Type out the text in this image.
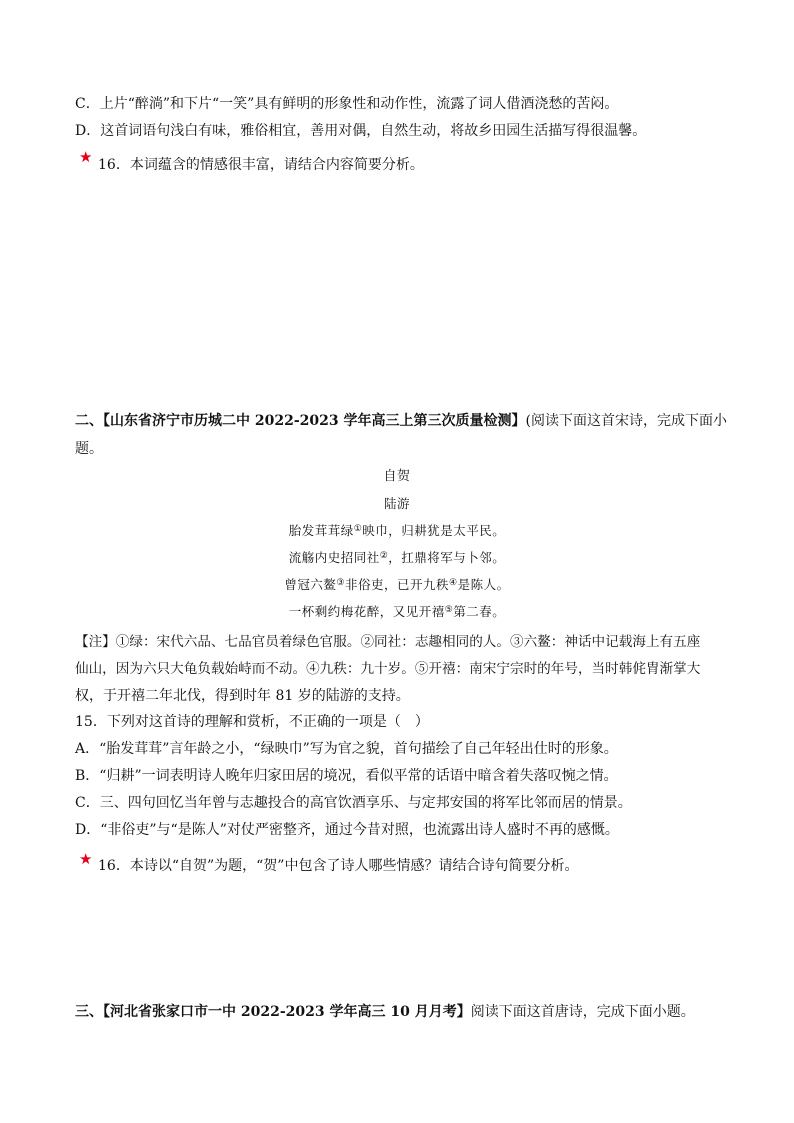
C．上片“醉淌”和下片“一笑”具有鲜明的形象性和动作性，流露了词人借酒浇愁的苦闷。
D．这首词语句浅白有味，雅俗相宜，善用对偶，自然生动，将故乡田园生活描写得很温馨。
★ 16．本词蕴含的情感很丰富，请结合内容简要分析。
二、【山东省济宁市历城二中 2022-2023 学年高三上第三次质量检测】(阅读下面这首宋诗，完成下面小
题。
自贺
陆游
胎发茸茸绿①映巾，归耕犹是太平民。
流觞内史招同社②，扛鼎将军与卜邻。
曾冠六鳌③非俗吏，已开九秩④是陈人。
一杯剩约梅花醉，又见开禧⑤第二春。
【注】①绿：宋代六品、七品官员着绿色官服。②同社：志趣相同的人。③六鳌：神话中记载海上有五座
仙山，因为六只大龟负载始峙而不动。④九秩：九十岁。⑤开禧：南宋宁宗时的年号，当时韩侂胄渐掌大
权，于开禧二年北伐，得到时年 81 岁的陆游的支持。
15．下列对这首诗的理解和赏析，不正确的一项是（　）
A．“胎发茸茸”言年龄之小，“绿映巾”写为官之貌，首句描绘了自己年轻出仕时的形象。
B．“归耕”一词表明诗人晚年归家田居的境况，看似平常的话语中暗含着失落叹惋之情。
C．三、四句回忆当年曾与志趣投合的高官饮酒享乐、与定邦安国的将军比邻而居的情景。
D．“非俗吏”与“是陈人”对仗严密整齐，通过今昔对照，也流露出诗人盛时不再的感慨。
★ 16．本诗以“自贺”为题，“贺”中包含了诗人哪些情感？请结合诗句简要分析。
三、【河北省张家口市一中 2022-2023 学年高三 10 月月考】阅读下面这首唐诗，完成下面小题。
